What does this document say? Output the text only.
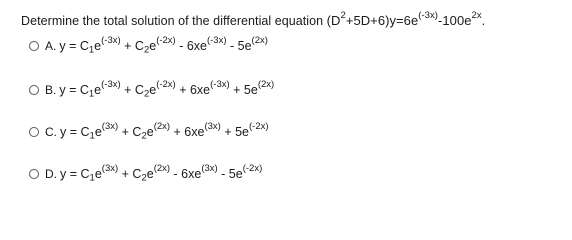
Determine the total solution of the differential equation $(D^2+5D+6)y=6e^{(-3x)}-100e^{2x}$.
A. $y = C_1e^{(-3x)} + C_2e^{(-2x)} - 6xe^{(-3x)} - 5e^{(2x)}$
B. $y = C_1e^{(-3x)} + C_2e^{(-2x)} + 6xe^{(-3x)} + 5e^{(2x)}$
C. $y = C_1e^{(3x)} + C_2e^{(2x)} + 6xe^{(3x)} + 5e^{(-2x)}$
D. $y = C_1e^{(3x)} + C_2e^{(2x)} - 6xe^{(3x)} - 5e^{(-2x)}$
